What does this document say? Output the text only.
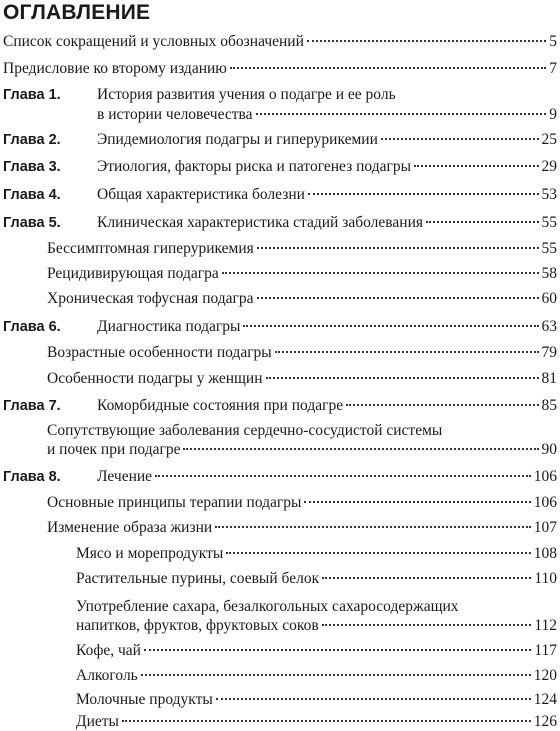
ОГЛАВЛЕНИЕ
Список сокращений и условных обозначений	5
Предисловие ко второму изданию	7
Глава 1.	История развития учения о подагре и ее роль
в истории человечества	9
Глава 2.	Эпидемиология подагры и гиперурикемии	25
Глава 3.	Этиология, факторы риска и патогенез подагры	29
Глава 4.	Общая характеристика болезни	53
Глава 5.	Клиническая характеристика стадий заболевания	55
Бессимптомная гиперурикемия	55
Рецидивирующая подагра	58
Хроническая тофусная подагра	60
Глава 6.	Диагностика подагры	63
Возрастные особенности подагры	79
Особенности подагры у женщин	81
Глава 7.	Коморбидные состояния при подагре	85
Сопутствующие заболевания сердечно-сосудистой системы
и почек при подагре	90
Глава 8.	Лечение	106
Основные принципы терапии подагры	106
Изменение образа жизни	107
Мясо и морепродукты	108
Растительные пурины, соевый белок	110
Употребление сахара, безалкогольных сахаросодержащих
напитков, фруктов, фруктовых соков	112
Кофе, чай	117
Алкоголь	120
Молочные продукты	124
Диеты	126
